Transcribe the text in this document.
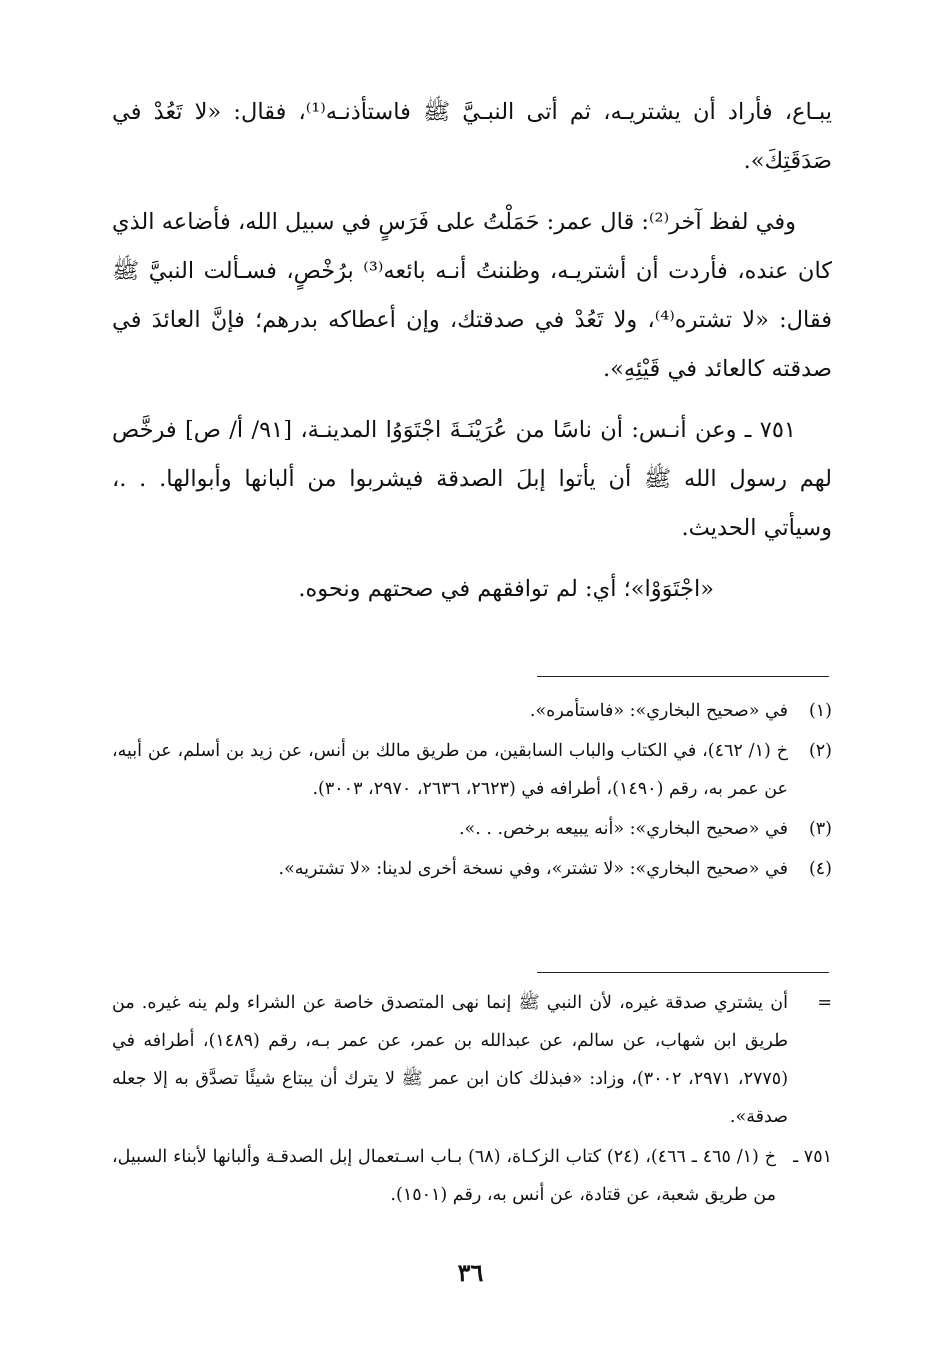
يبـاع، فأراد أن يشتريـه، ثم أتى النبـيَّ ﷺ فاستأذنـه⁽¹⁾، فقال: «لا تَعُدْ في صَدَقَتِكَ».

وفي لفظ آخر⁽²⁾: قال عمر: حَمَلْتُ على فَرَسٍ في سبيل الله، فأضاعه الذي كان عنده، فأردت أن أشتريـه، وظننتُ أنـه بائعه⁽³⁾ برُخْصٍ، فسـألت النبيَّ ﷺ فقال: «لا تشتره⁽⁴⁾، ولا تَعُدْ في صدقتك، وإن أعطاكه بدرهم؛ فإنَّ العائدَ في صدقته كالعائد في قَيْئِهِ».

٧٥١ ـ وعن أنـس: أن ناسًا من عُرَيْنَـةَ اجْتَوَوُا المدينـة، [٩١/ أ/ ص] فرخَّص لهم رسول الله ﷺ أن يأتوا إبلَ الصدقة فيشربوا من ألبانها وأبوالها. . .، وسيأتي الحديث.

«اجْتَوَوْا»؛ أي: لم توافقهم في صحتهم ونحوه.

(١)
في «صحيح البخاري»: «فاستأمره».
(٢)
خ (١/ ٤٦٢)، في الكتاب والباب السابقين، من طريق مالك بن أنس، عن زيد بن أسلم، عن أبيه، عن عمر به، رقم (١٤٩٠)، أطرافه في (٢٦٢٣، ٢٦٣٦، ٢٩٧٠، ٣٠٠٣).
(٣)
في «صحيح البخاري»: «أنه يبيعه برخص. . .».
(٤)
في «صحيح البخاري»: «لا تشتر»، وفي نسخة أخرى لدينا: «لا تشتريه».
=
أن يشتري صدقة غيره، لأن النبي ﷺ إنما نهى المتصدق خاصة عن الشراء ولم ينه غيره. من طريق ابن شهاب، عن سالم، عن عبدالله بن عمر، عن عمر بـه، رقم (١٤٨٩)، أطرافه في (٢٧٧٥، ٢٩٧١، ٣٠٠٢)، وزاد: «فبذلك كان ابن عمر ﷺ لا يترك أن يبتاع شيئًا تصدَّق به إلا جعله صدقة».
٧٥١ ـ
خ (١/ ٤٦٥ ـ ٤٦٦)، (٢٤) كتاب الزكـاة، (٦٨) بـاب اسـتعمال إبل الصدقـة وألبانها لأبناء السبيل، من طريق شعبة، عن قتادة، عن أنس به، رقم (١٥٠١).
٣٦
